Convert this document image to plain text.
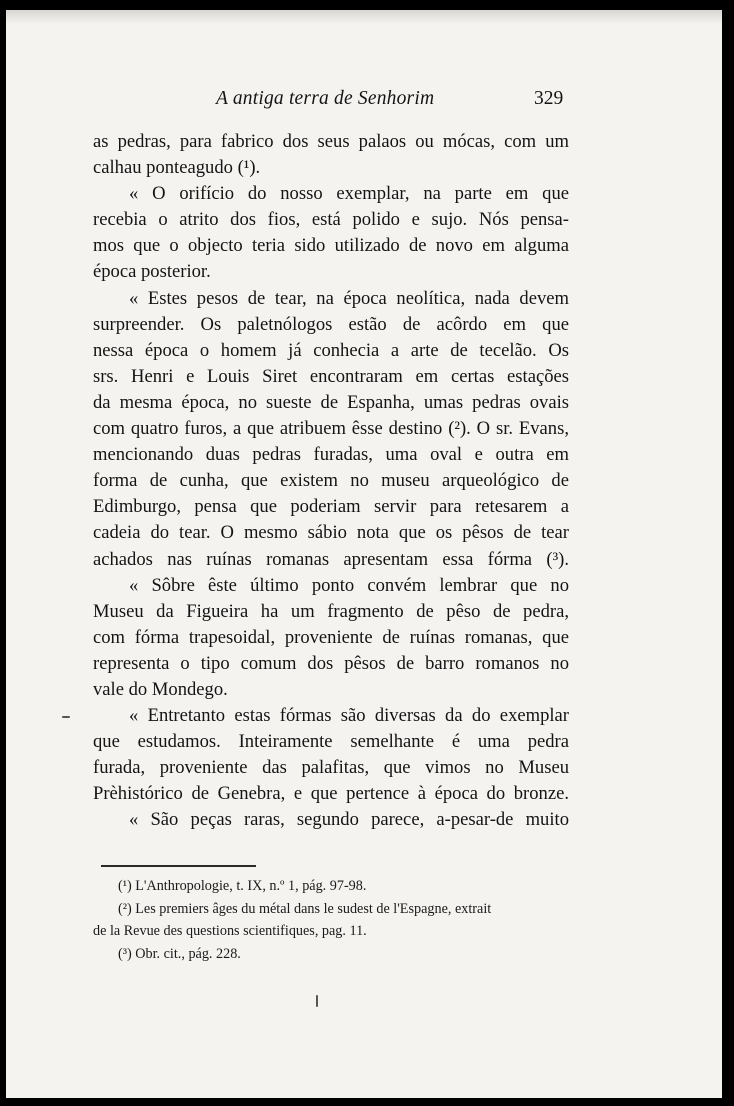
A antiga terra de Senhorim	329
as pedras, para fabrico dos seus palaos ou mócas, com um
calhau ponteagudo (¹).
« O orifício do nosso exemplar, na parte em que
recebia o atrito dos fios, está polido e sujo. Nós pensa-
mos que o objecto teria sido utilizado de novo em alguma
época posterior.
« Estes pesos de tear, na época neolítica, nada devem
surpreender. Os paletnólogos estão de acôrdo em que
nessa época o homem já conhecia a arte de tecelão. Os
srs. Henri e Louis Siret encontraram em certas estações
da mesma época, no sueste de Espanha, umas pedras ovais
com quatro furos, a que atribuem êsse destino (²). O sr. Evans,
mencionando duas pedras furadas, uma oval e outra em
forma de cunha, que existem no museu arqueológico de
Edimburgo, pensa que poderiam servir para retesarem a
cadeia do tear. O mesmo sábio nota que os pêsos de tear
achados nas ruínas romanas apresentam essa fórma (³).
« Sôbre êste último ponto convém lembrar que no
Museu da Figueira ha um fragmento de pêso de pedra,
com fórma trapesoidal, proveniente de ruínas romanas, que
representa o tipo comum dos pêsos de barro romanos no
vale do Mondego.
« Entretanto estas fórmas são diversas da do exemplar
que estudamos. Inteiramente semelhante é uma pedra
furada, proveniente das palafitas, que vimos no Museu
Prèhistórico de Genebra, e que pertence à época do bronze.
« São peças raras, segundo parece, a-pesar-de muito
(¹) L'Anthropologie, t. IX, n.º 1, pág. 97-98.
(²) Les premiers âges du métal dans le sudest de l'Espagne, extrait
de la Revue des questions scientifiques, pag. 11.
(³) Obr. cit., pág. 228.
